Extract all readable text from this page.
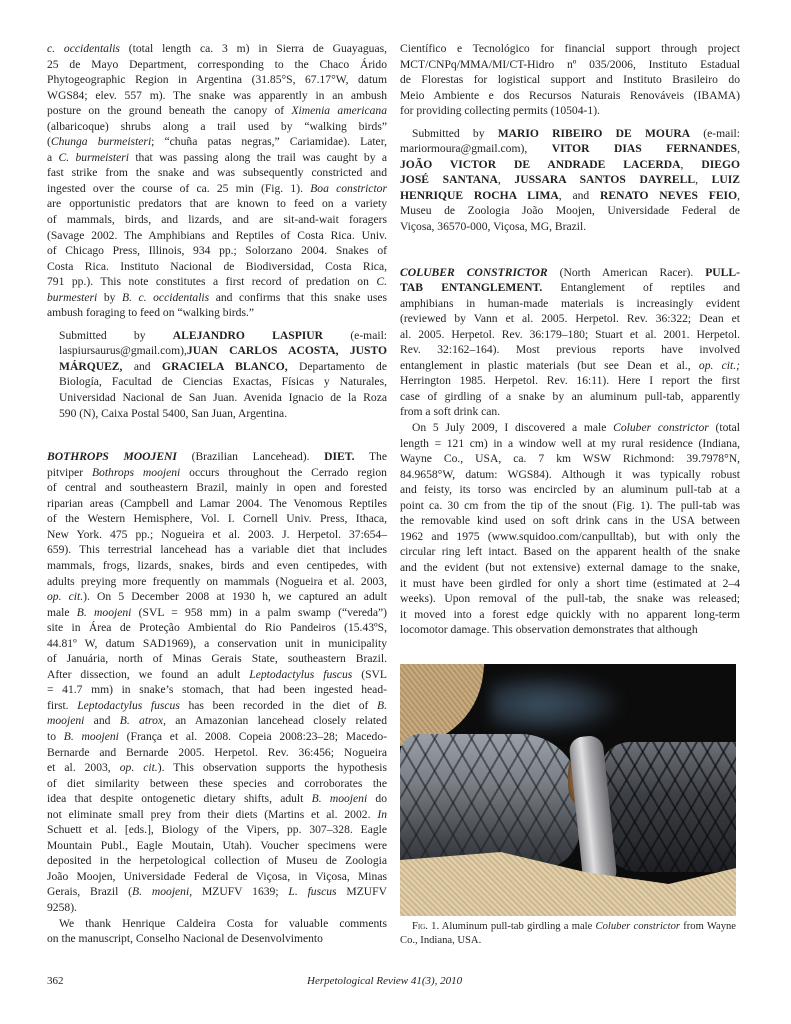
c. occidentalis (total length ca. 3 m) in Sierra de Guayaguas,
25 de Mayo Department, corresponding to the Chaco Árido
Phytogeographic Region in Argentina (31.85°S, 67.17°W, datum
WGS84; elev. 557 m). The snake was apparently in an ambush
posture on the ground beneath the canopy of Ximenia americana
(albaricoque) shrubs along a trail used by “walking birds”
(Chunga burmeisteri; “chuña patas negras,” Cariamidae). Later,
a C. burmeisteri that was passing along the trail was caught by a
fast strike from the snake and was subsequently constricted and
ingested over the course of ca. 25 min (Fig. 1). Boa constrictor
are opportunistic predators that are known to feed on a variety
of mammals, birds, and lizards, and are sit-and-wait foragers
(Savage 2002. The Amphibians and Reptiles of Costa Rica. Univ.
of Chicago Press, Illinois, 934 pp.; Solorzano 2004. Snakes of
Costa Rica. Instituto Nacional de Biodiversidad, Costa Rica,
791 pp.). This note constitutes a first record of predation on C.
burmesteri by B. c. occidentalis and confirms that this snake uses
ambush foraging to feed on “walking birds.”

Submitted by ALEJANDRO LASPIUR (e-mail:
laspiursaurus@gmail.com),JUAN CARLOS ACOSTA, JUSTO
MÁRQUEZ, and GRACIELA BLANCO, Departamento de
Biología, Facultad de Ciencias Exactas, Físicas y Naturales,
Universidad Nacional de San Juan. Avenida Ignacio de la Roza
590 (N), Caixa Postal 5400, San Juan, Argentina.

BOTHROPS MOOJENI (Brazilian Lancehead). DIET. The
pitviper Bothrops moojeni occurs throughout the Cerrado region
of central and southeastern Brazil, mainly in open and forested
riparian areas (Campbell and Lamar 2004. The Venomous Reptiles
of the Western Hemisphere, Vol. I. Cornell Univ. Press, Ithaca,
New York. 475 pp.; Nogueira et al. 2003. J. Herpetol. 37:654–
659). This terrestrial lancehead has a variable diet that includes
mammals, frogs, lizards, snakes, birds and even centipedes, with
adults preying more frequently on mammals (Nogueira et al. 2003,
op. cit.). On 5 December 2008 at 1930 h, we captured an adult
male B. moojeni (SVL = 958 mm) in a palm swamp (“vereda”)
site in Área de Proteção Ambiental do Rio Pandeiros (15.43ºS,
44.81º W, datum SAD1969), a conservation unit in municipality
of Januária, north of Minas Gerais State, southeastern Brazil.
After dissection, we found an adult Leptodactylus fuscus (SVL
= 41.7 mm) in snake’s stomach, that had been ingested head-
first. Leptodactylus fuscus has been recorded in the diet of B.
moojeni and B. atrox, an Amazonian lancehead closely related
to B. moojeni (França et al. 2008. Copeia 2008:23–28; Macedo-
Bernarde and Bernarde 2005. Herpetol. Rev. 36:456; Nogueira
et al. 2003, op. cit.). This observation supports the hypothesis
of diet similarity between these species and corroborates the
idea that despite ontogenetic dietary shifts, adult B. moojeni do
not eliminate small prey from their diets (Martins et al. 2002. In
Schuett et al. [eds.], Biology of the Vipers, pp. 307–328. Eagle
Mountain Publ., Eagle Moutain, Utah). Voucher specimens were
deposited in the herpetological collection of Museu de Zoologia
João Moojen, Universidade Federal de Viçosa, in Viçosa, Minas
Gerais, Brazil (B. moojeni, MZUFV 1639; L. fuscus MZUFV
9258).

We thank Henrique Caldeira Costa for valuable comments
on the manuscript, Conselho Nacional de Desenvolvimento

Científico e Tecnológico for financial support through project
MCT/CNPq/MMA/MI/CT-Hidro nº 035/2006, Instituto Estadual
de Florestas for logistical support and Instituto Brasileiro do
Meio Ambiente e dos Recursos Naturais Renováveis (IBAMA)
for providing collecting permits (10504-1).

Submitted by MARIO RIBEIRO DE MOURA (e-mail:
mariormoura@gmail.com), VITOR DIAS FERNANDES,
JOÃO VICTOR DE ANDRADE LACERDA, DIEGO
JOSÉ SANTANA, JUSSARA SANTOS DAYRELL, LUIZ
HENRIQUE ROCHA LIMA, and RENATO NEVES FEIO,
Museu de Zoologia João Moojen, Universidade Federal de
Viçosa, 36570-000, Viçosa, MG, Brazil.

COLUBER CONSTRICTOR (North American Racer). PULL-
TAB ENTANGLEMENT. Entanglement of reptiles and
amphibians in human-made materials is increasingly evident
(reviewed by Vann et al. 2005. Herpetol. Rev. 36:322; Dean et
al. 2005. Herpetol. Rev. 36:179–180; Stuart et al. 2001. Herpetol.
Rev. 32:162–164). Most previous reports have involved
entanglement in plastic materials (but see Dean et al., op. cit.;
Herrington 1985. Herpetol. Rev. 16:11). Here I report the first
case of girdling of a snake by an aluminum pull-tab, apparently
from a soft drink can.

On 5 July 2009, I discovered a male Coluber constrictor (total
length = 121 cm) in a window well at my rural residence (Indiana,
Wayne Co., USA, ca. 7 km WSW Richmond: 39.7978°N,
84.9658°W, datum: WGS84). Although it was typically robust
and feisty, its torso was encircled by an aluminum pull-tab at a
point ca. 30 cm from the tip of the snout (Fig. 1). The pull-tab was
the removable kind used on soft drink cans in the USA between
1962 and 1975 (www.squidoo.com/canpulltab), but with only the
circular ring left intact. Based on the apparent health of the snake
and the evident (but not extensive) external damage to the snake,
it must have been girdled for only a short time (estimated at 2–4
weeks). Upon removal of the pull-tab, the snake was released;
it moved into a forest edge quickly with no apparent long-term
locomotor damage. This observation demonstrates that although

Fig. 1. Aluminum pull-tab girdling a male Coluber constrictor from Wayne Co., Indiana, USA.
362	Herpetological Review 41(3), 2010
